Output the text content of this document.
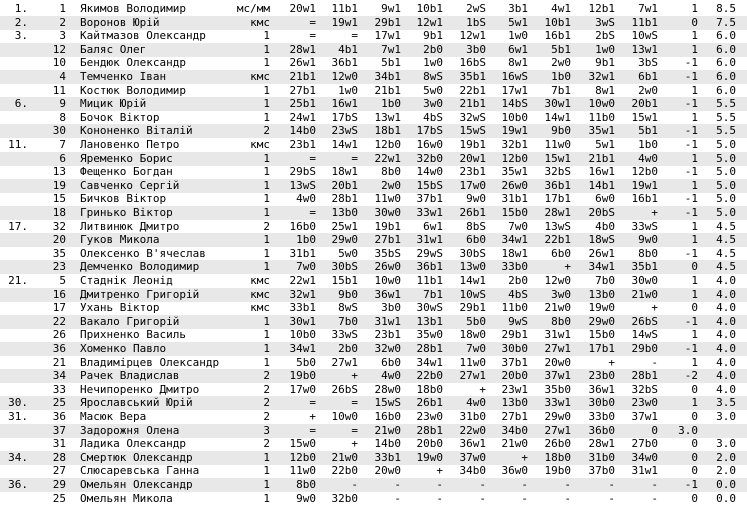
1.	1 Якимов Володимир	мс/мм	20w1	11b1	9w1	10b1	2wS	3b1	4w1	12b1	7w1	1	8.5
2.	2 Воронов Юрій	кмс	=	19w1	29b1	12w1	1bS	5w1	10b1	3wS	11b1	0	7.5
3.	3 Кайтмазов Олександр	1	=	=	17w1	9b1	12w1	1w0	16b1	2bS	10wS	1	6.0
12 Баляс Олег	1	28w1	4b1	7w1	2b0	3b0	6w1	5b1	1w0	13w1	1	6.0
10 Бендюк Олександр	1	26w1	36b1	5b1	1w0	16bS	8w1	2w0	9b1	3bS	-1	6.0
4 Темченко Іван	кмс	21b1	12w0	34b1	8wS	35b1	16wS	1b0	32w1	6b1	-1	6.0
11 Костюк Володимир	1	27b1	1w0	21b1	5w0	22b1	17w1	7b1	8w1	2w0	1	6.0
6.	9 Мицик Юрій	1	25b1	16w1	1b0	3w0	21b1	14bS	30w1	10w0	20b1	-1	5.5
8 Бочок Віктор	1	24w1	17bS	13w1	4bS	32wS	10b0	14w1	11b0	15w1	1	5.5
30 Кононенко Віталій	2	14b0	23wS	18b1	17bS	15wS	19w1	9b0	35w1	5b1	-1	5.5
11.	7 Лановенко Петро	кмс	23b1	14w1	12b0	16w0	19b1	32b1	11w0	5w1	1b0	-1	5.0
6 Яременко Борис	1	=	=	22w1	32b0	20w1	12b0	15w1	21b1	4w0	1	5.0
13 Фещенко Богдан	1	29bS	18w1	8b0	14w0	23b1	35w1	32bS	16w1	12b0	-1	5.0
19 Савченко Сергій	1	13wS	20b1	2w0	15bS	17w0	26w0	36b1	14b1	19w1	1	5.0
15 Бичков Віктор	1	4w0	28b1	11w0	37b1	9w0	31b1	17b1	6w0	16b1	-1	5.0
18 Гринько Віктор	1	=	13b0	30w0	33w1	26b1	15b0	28w1	20bS	+	-1	5.0
17.	32 Литвинюк Дмитро	2	16b0	25w1	19b1	6w1	8bS	7w0	13wS	4b0	33wS	1	4.5
20 Гуков Микола	1	1b0	29w0	27b1	31w1	6b0	34w1	22b1	18wS	9w0	1	4.5
35 Олексенко В'ячеслав	1	31b1	5w0	35bS	29wS	30bS	18w1	6b0	26w1	8b0	-1	4.5
23 Демченко Володимир	1	7w0	30bS	26w0	36b1	13w0	33b0	+	34w1	35b1	0	4.5
21.	5 Стаднік Леонід	кмс	22w1	15b1	10w0	11b1	14w1	2b0	12w0	7b0	30w0	1	4.0
16 Дмитренко Григорій	кмс	32w1	9b0	36w1	7b1	10wS	4bS	3w0	13b0	21w0	1	4.0
17 Ухань Віктор	кмс	33b1	8wS	3b0	30wS	29b1	11b0	21w0	19w0	+	0	4.0
22 Вакало Григорій	1	30w1	7b0	31w1	13b1	5b0	9wS	8b0	29w0	26bS	-1	4.0
26 Прихненко Василь	1	10b0	33wS	23b1	35w0	18w0	29b1	31w1	15b0	14wS	1	4.0
36 Хоменко Павло	1	34w1	2b0	32w0	28b1	7w0	30b0	27w1	17b1	29b0	-1	4.0
21 Владимірцев Олександр	1	5b0	27w1	6b0	34w1	11w0	37b1	20w0	+	-	1	4.0
34 Рачек Владислав	2	19b0	+	4w0	22b0	27w1	20b0	37w1	23b0	28b1	-2	4.0
33 Нечипоренко Дмитро	2	17w0	26bS	28w0	18b0	+	23w1	35b0	36w1	32bS	0	4.0
30.	25 Ярославський Юрій	2	=	=	15wS	26b1	4w0	13b0	33w1	30b0	23w0	1	3.5
31.	36 Масюк Вера	2	+	10w0	16b0	23w0	31b0	27b1	29w0	33b0	37w1	0	3.0
37 Задорожня Олена	3	=	=	21w0	28b1	22w0	34b0	27w1	36b0	0	3.0
31 Ладика Олександр	2	15w0	+	14b0	20b0	36w1	21w0	26b0	28w1	27b0	0	3.0
34.	28 Смертюк Олександр	1	12b0	21w0	33b1	19w0	37w0	+	18b0	31b0	34w0	0	2.0
27 Слюсаревська Ганна	1	11w0	22b0	20w0	+	34b0	36w0	19b0	37b0	31w1	0	2.0
36.	29 Омельян Олександр	1	8b0	-	-	-	-	-	-	-	-	-1	0.0
25 Омельян Микола	1	9w0	32b0	-	-	-	-	-	-	-	0	0.0
